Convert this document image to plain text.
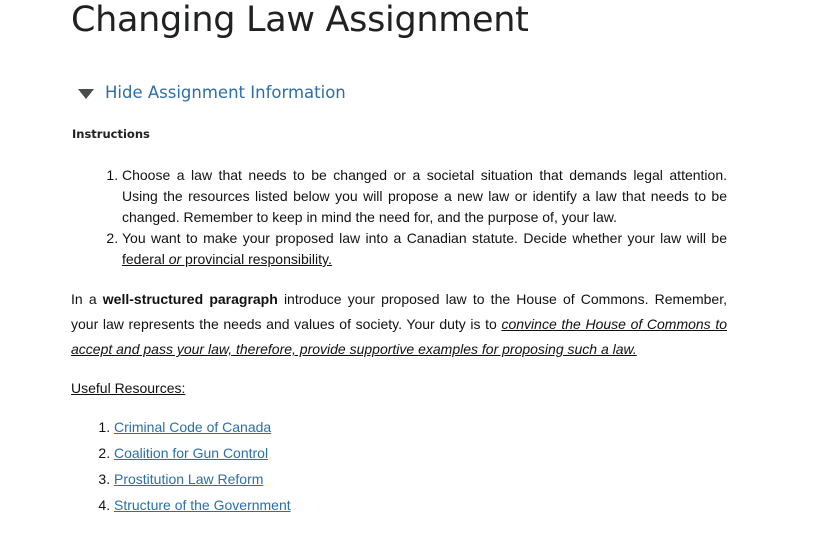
Changing Law Assignment
Hide Assignment Information
Instructions
1. Choose a law that needs to be changed or a societal situation that demands legal attention. Using the resources listed below you will propose a new law or identify a law that needs to be changed. Remember to keep in mind the need for, and the purpose of, your law.
2. You want to make your proposed law into a Canadian statute. Decide whether your law will be federal or provincial responsibility.

In a well-structured paragraph introduce your proposed law to the House of Commons. Remember, your law represents the needs and values of society. Your duty is to convince the House of Commons to accept and pass your law, therefore, provide supportive examples for proposing such a law.

Useful Resources:

1. Criminal Code of Canada
2. Coalition for Gun Control
3. Prostitution Law Reform
4. Structure of the Government
